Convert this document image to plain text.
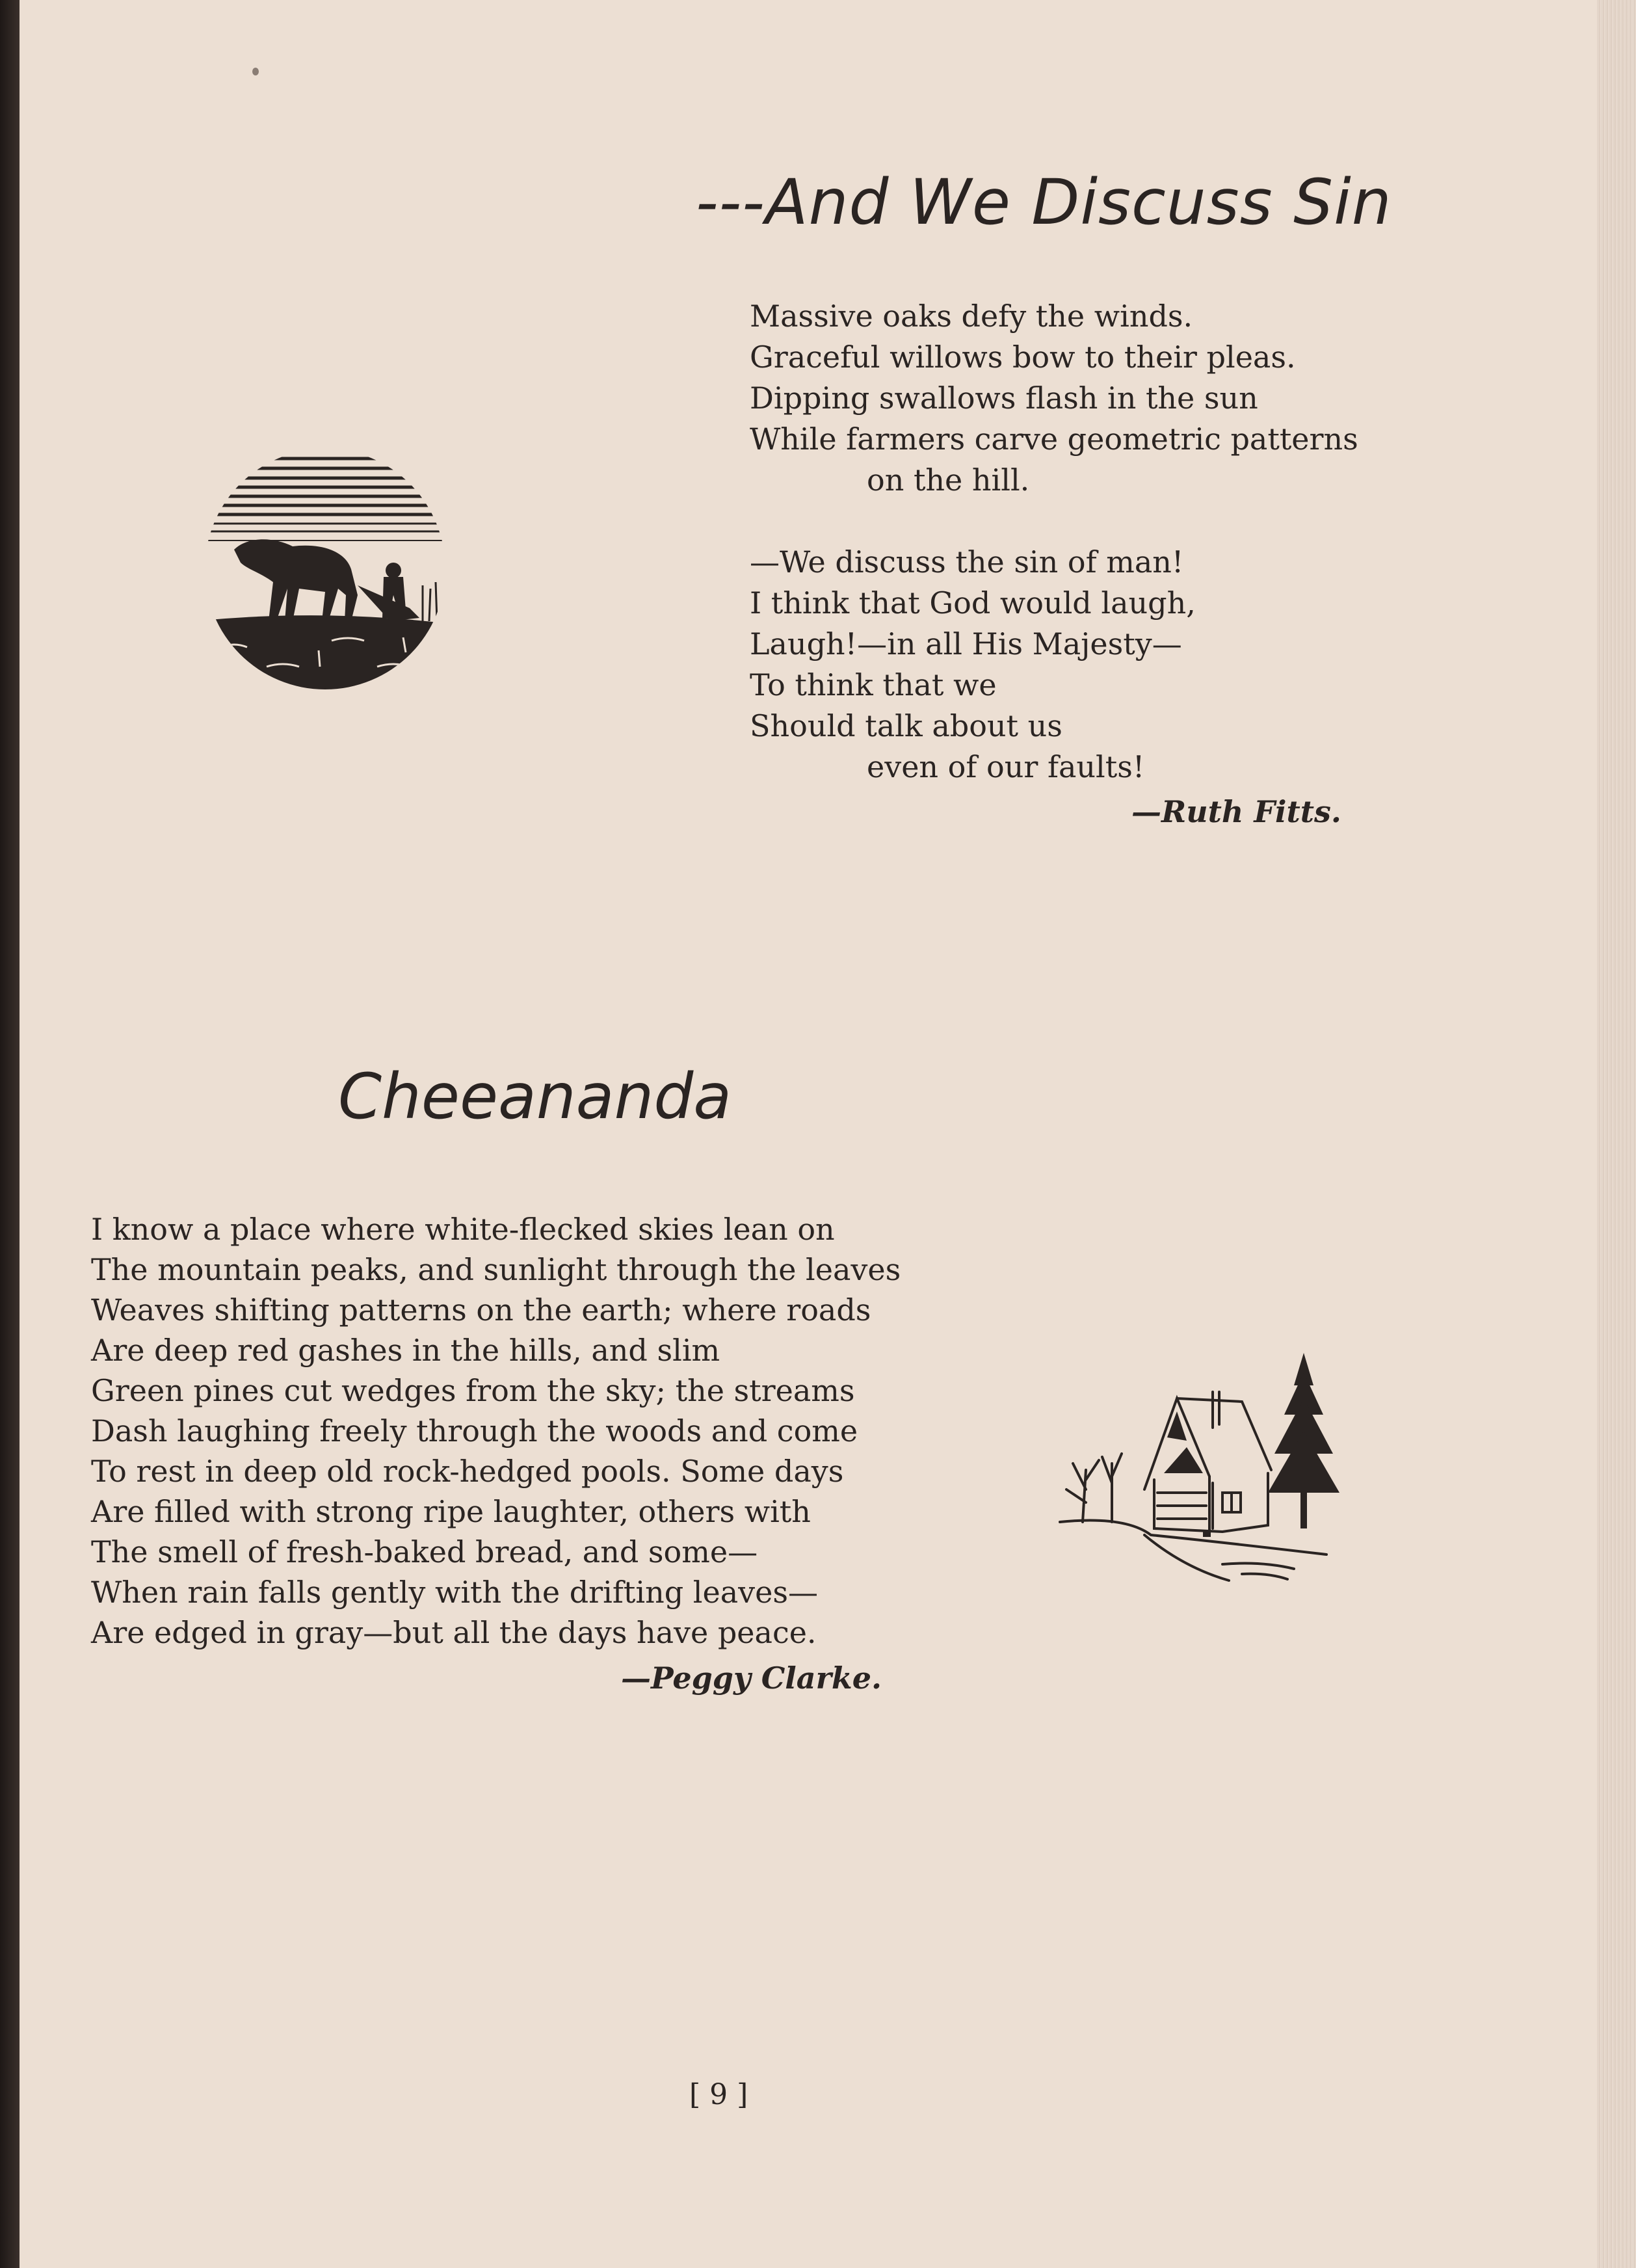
---And We Discuss Sin
Massive oaks defy the winds.
Graceful willows bow to their pleas.
Dipping swallows flash in the sun
While farmers carve geometric patterns
on the hill.
—We discuss the sin of man!
I think that God would laugh,
Laugh!—in all His Majesty—
To think that we
Should talk about us
even of our faults!
—Ruth Fitts.
Cheeananda
I know a place where white-flecked skies lean on
The mountain peaks, and sunlight through the leaves
Weaves shifting patterns on the earth; where roads
Are deep red gashes in the hills, and slim
Green pines cut wedges from the sky; the streams
Dash laughing freely through the woods and come
To rest in deep old rock-hedged pools. Some days
Are filled with strong ripe laughter, others with
The smell of fresh-baked bread, and some—
When rain falls gently with the drifting leaves—
Are edged in gray—but all the days have peace.
—Peggy Clarke.
[ 9 ]
